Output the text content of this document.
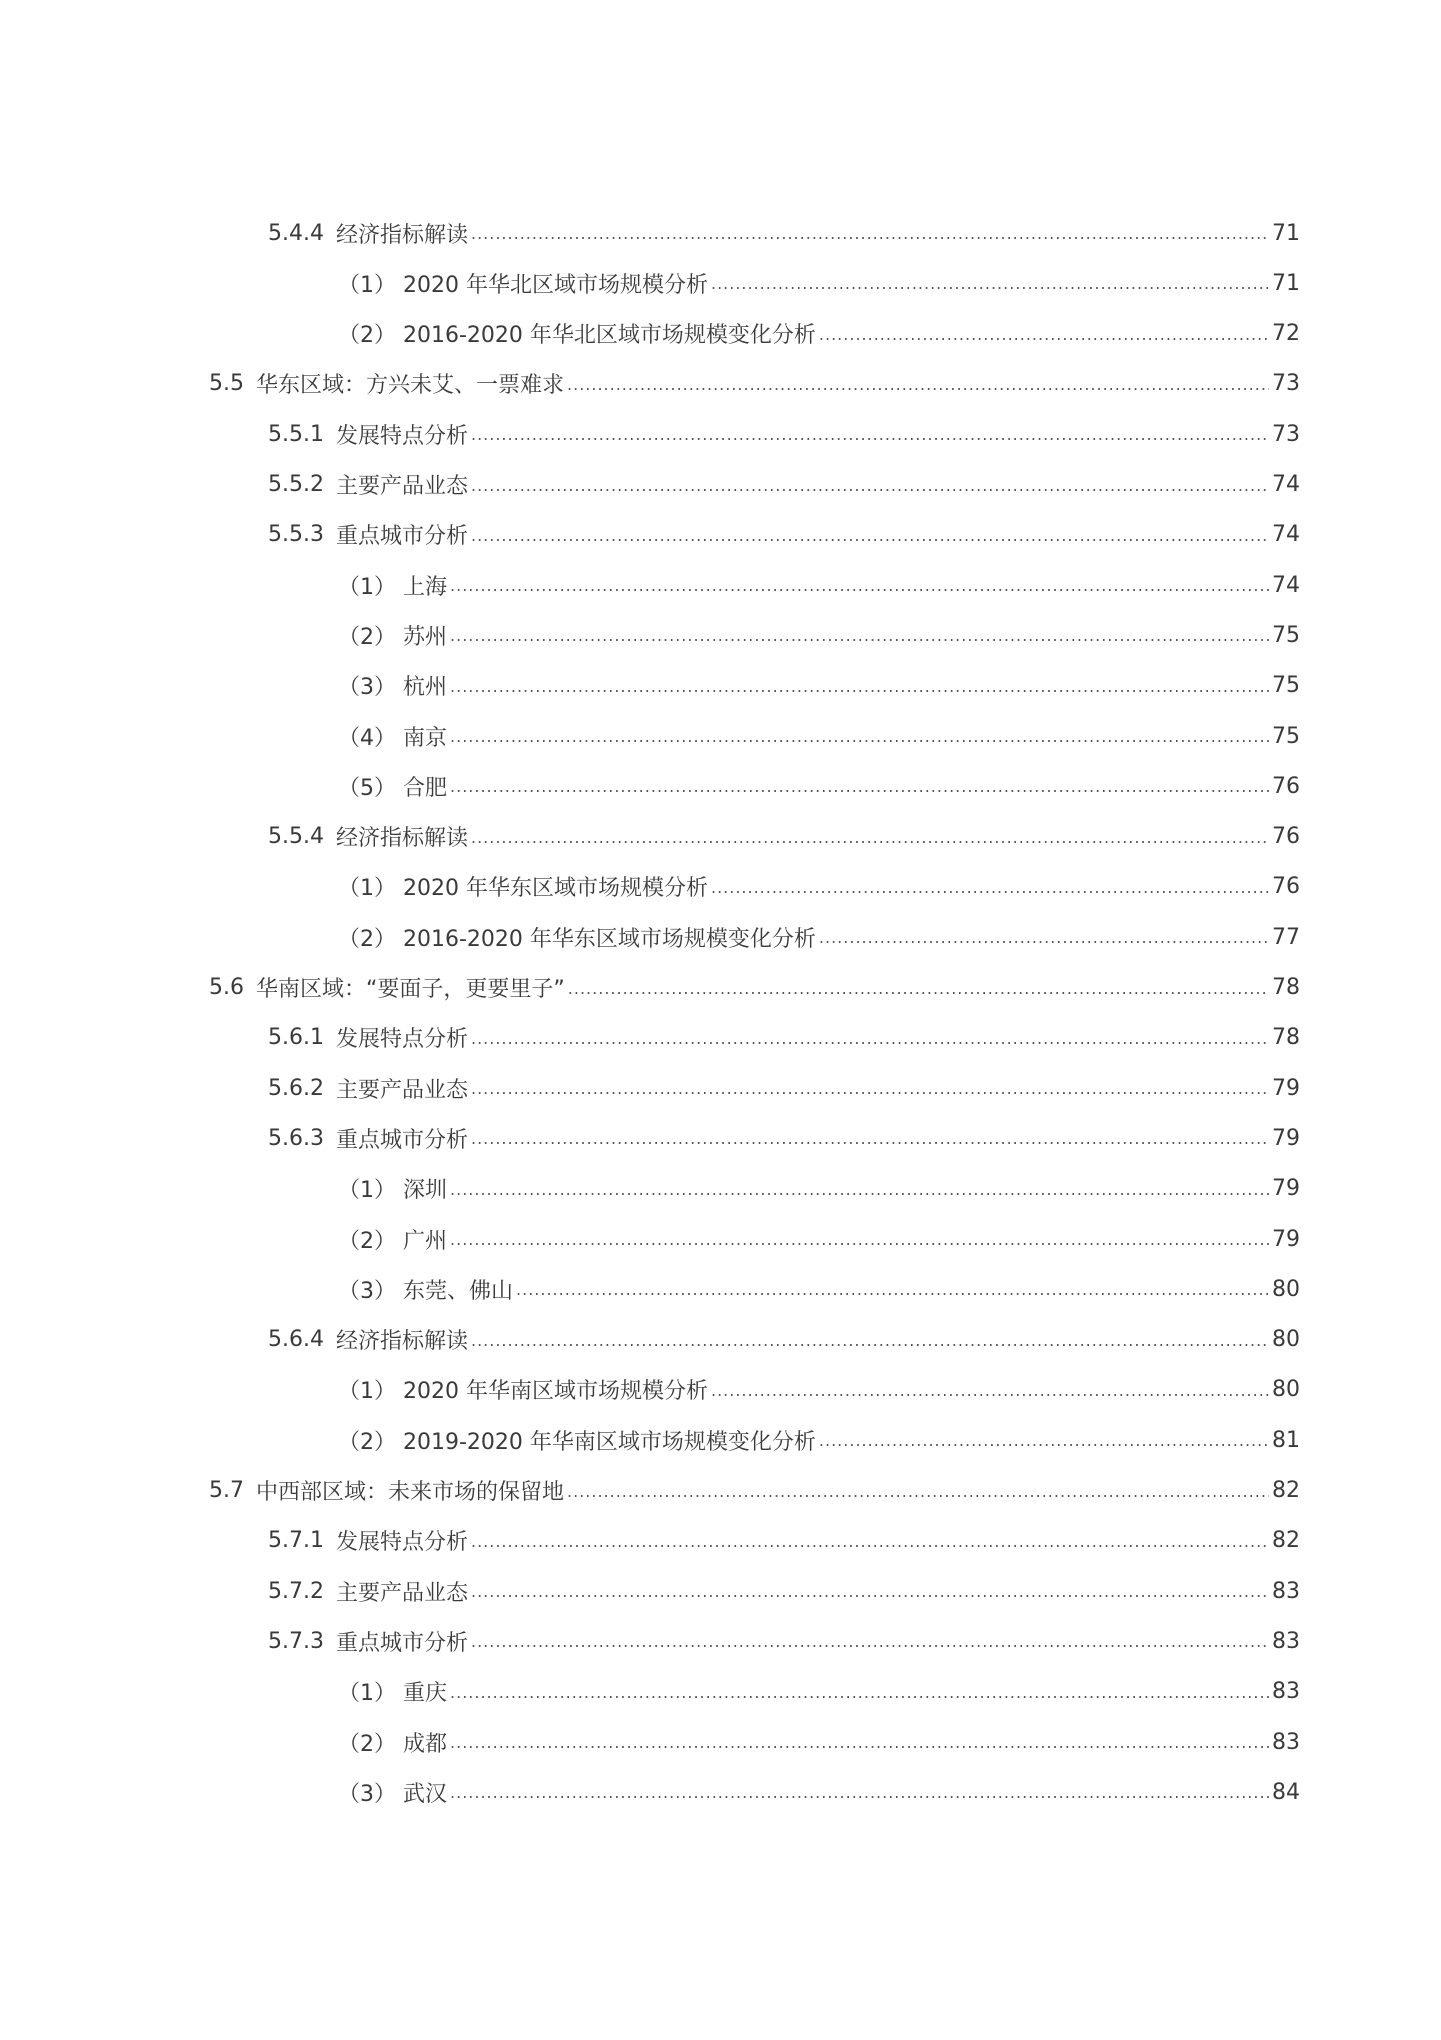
5.4.4 经济指标解读 .....	71
（1） 2020 年华北区域市场规模分析 .....	71
（2） 2016-2020 年华北区域市场规模变化分析 .....	72
5.5 华东区域：方兴未艾、一票难求 .....	73
5.5.1 发展特点分析 .....	73
5.5.2 主要产品业态 .....	74
5.5.3 重点城市分析 .....	74
（1） 上海 .....	74
（2） 苏州 .....	75
（3） 杭州 .....	75
（4） 南京 .....	75
（5） 合肥 .....	76
5.5.4 经济指标解读 .....	76
（1） 2020 年华东区域市场规模分析 .....	76
（2） 2016-2020 年华东区域市场规模变化分析 .....	77
5.6 华南区域：“要面子，更要里子” .....	78
5.6.1 发展特点分析 .....	78
5.6.2 主要产品业态 .....	79
5.6.3 重点城市分析 .....	79
（1） 深圳 .....	79
（2） 广州 .....	79
（3） 东莞、佛山 .....	80
5.6.4 经济指标解读 .....	80
（1） 2020 年华南区域市场规模分析 .....	80
（2） 2019-2020 年华南区域市场规模变化分析 .....	81
5.7 中西部区域：未来市场的保留地 .....	82
5.7.1 发展特点分析 .....	82
5.7.2 主要产品业态 .....	83
5.7.3 重点城市分析 .....	83
（1） 重庆 .....	83
（2） 成都 .....	83
（3） 武汉 .....	84
